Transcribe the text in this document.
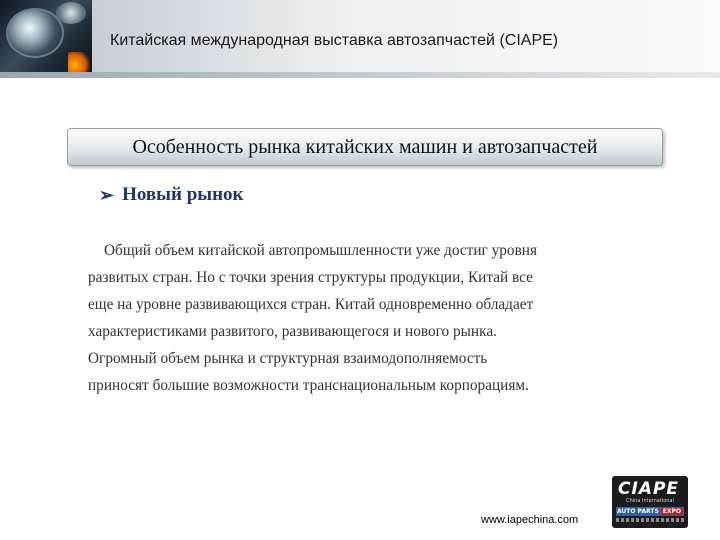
Китайская международная выставка автозапчастей (CIAPE)
Особенность рынка китайских машин и автозапчастей
➢ Новый рынок
Общий объем китайской автопромышленности уже достиг уровня
развитых стран. Но с точки зрения структуры продукции, Китай все
еще на уровне развивающихся стран. Китай одновременно обладает
характеристиками развитого, развивающегося и нового рынка.
Огромный объем рынка и структурная взаимодополняемость
приносят большие возможности транснациональным корпорациям.
CIAPE
China International
AUTO PARTS EXPO
www.iapechina.com
